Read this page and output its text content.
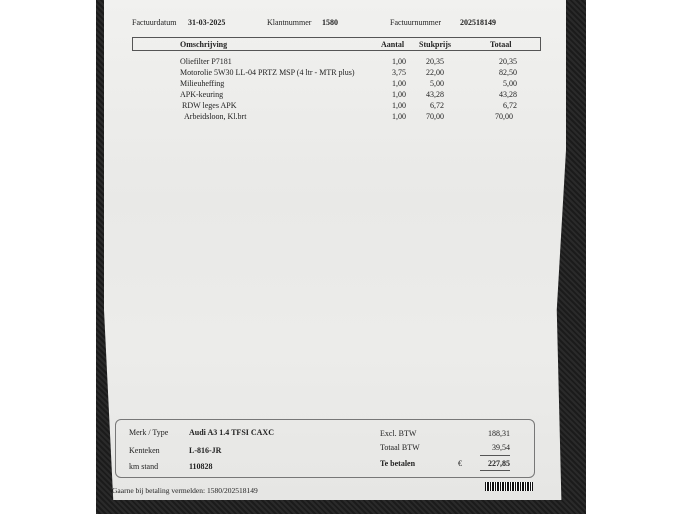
Factuurdatum 31-03-2025	Klantnummer 1580	Factuurnummer 202518149
Omschrijving	Aantal Stukprijs	Totaal
Oliefilter P7181	1,00	20,35	20,35
Motorolie 5W30 LL-04 PRTZ MSP (4 ltr - MTR plus)	3,75	22,00	82,50
Milieuheffing	1,00	5,00	5,00
APK-keuring	1,00	43,28	43,28
RDW leges APK	1,00	6,72	6,72
Arbeidsloon, Kl.brt	1,00	70,00	70,00
Merk / Type	Audi A3 1.4 TFSI CAXC
Kenteken	L-816-JR
km stand	110828
Excl. BTW	188,31
Totaal BTW	39,54
Te betalen	€	227,85
Gaarne bij betaling vermelden: 1580/202518149
